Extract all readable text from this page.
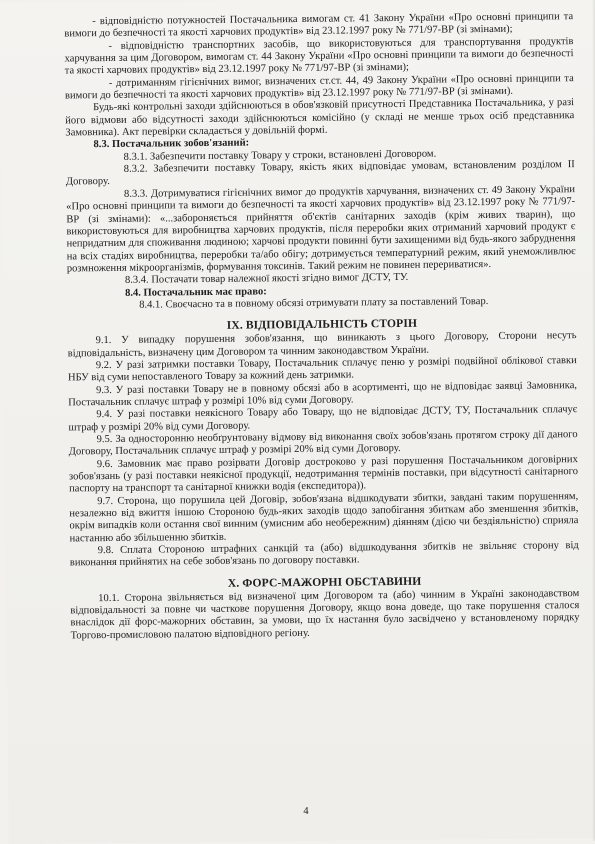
- відповідністю потужностей Постачальника вимогам ст. 41 Закону України «Про основні принципи та вимоги до безпечності та якості харчових продуктів» від 23.12.1997 року № 771/97-ВР (зі змінами);

- відповідністю транспортних засобів, що використовуються для транспортування продуктів харчування за цим Договором, вимогам ст. 44 Закону України «Про основні принципи та вимоги до безпечності та якості харчових продуктів» від 23.12.1997 року № 771/97-ВР (зі змінами);

- дотриманням гігієнічних вимог, визначених ст.ст. 44, 49 Закону України «Про основні принципи та вимоги до безпечності та якості харчових продуктів» від 23.12.1997 року № 771/97-ВР (зі змінами).

Будь-які контрольні заходи здійснюються в обов'язковій присутності Представника Постачальника, у разі його відмови або відсутності заходи здійснюються комісійно (у складі не менше трьох осіб представника Замовника). Акт перевірки складається у довільній формі.

8.3. Постачальник зобов'язаний:

8.3.1. Забезпечити поставку Товару у строки, встановлені Договором.

8.3.2. Забезпечити поставку Товару, якість яких відповідає умовам, встановленим розділом II Договору.

8.3.3. Дотримуватися гігієнічних вимог до продуктів харчування, визначених ст. 49 Закону України «Про основні принципи та вимоги до безпечності та якості харчових продуктів» від 23.12.1997 року № 771/97-ВР (зі змінами): «...забороняється прийняття об'єктів санітарних заходів (крім живих тварин), що використовуються для виробництва харчових продуктів, після переробки яких отриманий харчовий продукт є непридатним для споживання людиною; харчові продукти повинні бути захищеними від будь-якого забруднення на всіх стадіях виробництва, переробки та/або обігу; дотримується температурний режим, який унеможливлює розмноження мікроорганізмів, формування токсинів. Такий режим не повинен перериватися».

8.3.4. Постачати товар належної якості згідно вимог ДСТУ, ТУ.

8.4. Постачальник має право:

8.4.1. Своєчасно та в повному обсязі отримувати плату за поставлений Товар.

IX. ВІДПОВІДАЛЬНІСТЬ СТОРІН

9.1. У випадку порушення зобов'язання, що виникають з цього Договору, Сторони несуть відповідальність, визначену цим Договором та чинним законодавством України.

9.2. У разі затримки поставки Товару, Постачальник сплачує пеню у розмірі подвійної облікової ставки НБУ від суми непоставленого Товару за кожний день затримки.

9.3. У разі поставки Товару не в повному обсязі або в асортименті, що не відповідає заявці Замовника, Постачальник сплачує штраф у розмірі 10% від суми Договору.

9.4. У разі поставки неякісного Товару або Товару, що не відповідає ДСТУ, ТУ, Постачальник сплачує штраф у розмірі 20% від суми Договору.

9.5. За односторонню необґрунтовану відмову від виконання своїх зобов'язань протягом строку дії даного Договору, Постачальник сплачує штраф у розмірі 20% від суми Договору.

9.6. Замовник має право розірвати Договір достроково у разі порушення Постачальником договірних зобов'язань (у разі поставки неякісної продукції, недотримання термінів поставки, при відсутності санітарного паспорту на транспорт та санітарної книжки водія (експедитора)).

9.7. Сторона, що порушила цей Договір, зобов'язана відшкодувати збитки, завдані таким порушенням, незалежно від вжиття іншою Стороною будь-яких заходів щодо запобігання збиткам або зменшення збитків, окрім випадків коли остання свої винним (умисним або необережним) діянням (дією чи бездіяльністю) сприяла настанню або збільшенню збитків.

9.8. Сплата Стороною штрафних санкцій та (або) відшкодування збитків не звільняє сторону від виконання прийнятих на себе зобов'язань по договору поставки.

X. ФОРС-МАЖОРНІ ОБСТАВИНИ

10.1. Сторона звільняється від визначеної цим Договором та (або) чинним в Україні законодавством відповідальності за повне чи часткове порушення Договору, якщо вона доведе, що таке порушення сталося внаслідок дії форс-мажорних обставин, за умови, що їх настання було засвідчено у встановленому порядку Торгово-промисловою палатою відповідного регіону.

4
